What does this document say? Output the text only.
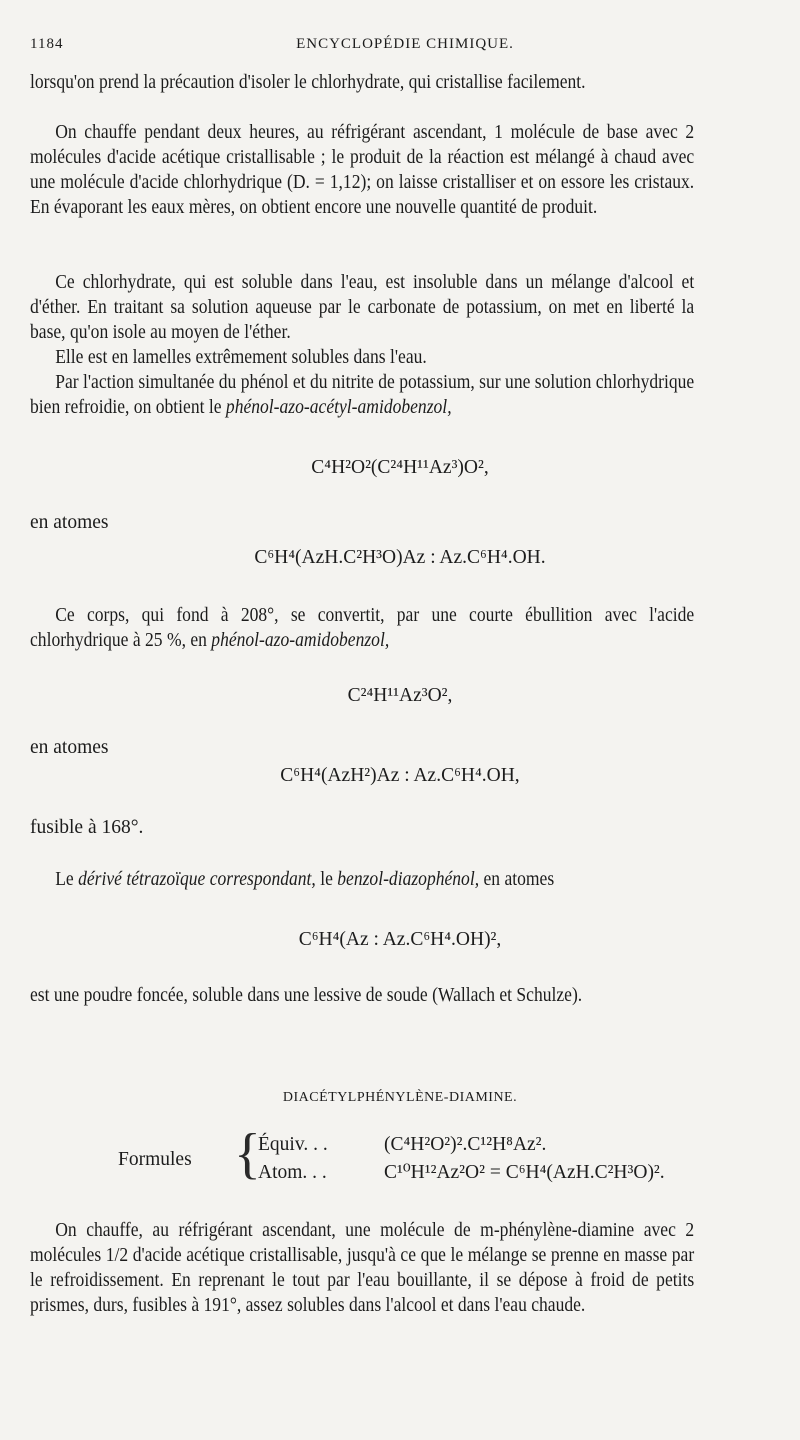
1184	ENCYCLOPÉDIE CHIMIQUE.

lorsqu'on prend la précaution d'isoler le chlorhydrate, qui cristallise facilement.

On chauffe pendant deux heures, au réfrigérant ascendant, 1 molécule de base avec 2 molécules d'acide acétique cristallisable ; le produit de la réaction est mélangé à chaud avec une molécule d'acide chlorhydrique (D. = 1,12); on laisse cristalliser et on essore les cristaux. En évaporant les eaux mères, on obtient encore une nouvelle quantité de produit.

Ce chlorhydrate, qui est soluble dans l'eau, est insoluble dans un mélange d'alcool et d'éther. En traitant sa solution aqueuse par le carbonate de potassium, on met en liberté la base, qu'on isole au moyen de l'éther.

Elle est en lamelles extrêmement solubles dans l'eau.

Par l'action simultanée du phénol et du nitrite de potassium, sur une solution chlorhydrique bien refroidie, on obtient le phénol-azo-acétyl-amidobenzol,

C⁴H²O²(C²⁴H¹¹Az³)O²,
en atomes
C⁶H⁴(AzH.C²H³O)Az : Az.C⁶H⁴.OH.

Ce corps, qui fond à 208°, se convertit, par une courte ébullition avec l'acide chlorhydrique à 25 %, en phénol-azo-amidobenzol,

C²⁴H¹¹Az³O²,
en atomes
C⁶H⁴(AzH²)Az : Az.C⁶H⁴.OH,
fusible à 168°.

Le dérivé tétrazoïque correspondant, le benzol-diazophénol, en atomes

C⁶H⁴(Az : Az.C⁶H⁴.OH)²,

est une poudre foncée, soluble dans une lessive de soude (Wallach et Schulze).

DIACÉTYLPHÉNYLÈNE-DIAMINE.
Formules {
Équiv. . .	(C⁴H²O²)².C¹²H⁸Az².
Atom. . .	C¹⁰H¹²Az²O² = C⁶H⁴(AzH.C²H³O)².

On chauffe, au réfrigérant ascendant, une molécule de m-phénylène-diamine avec 2 molécules 1/2 d'acide acétique cristallisable, jusqu'à ce que le mélange se prenne en masse par le refroidissement. En reprenant le tout par l'eau bouillante, il se dépose à froid de petits prismes, durs, fusibles à 191°, assez solubles dans l'alcool et dans l'eau chaude.
